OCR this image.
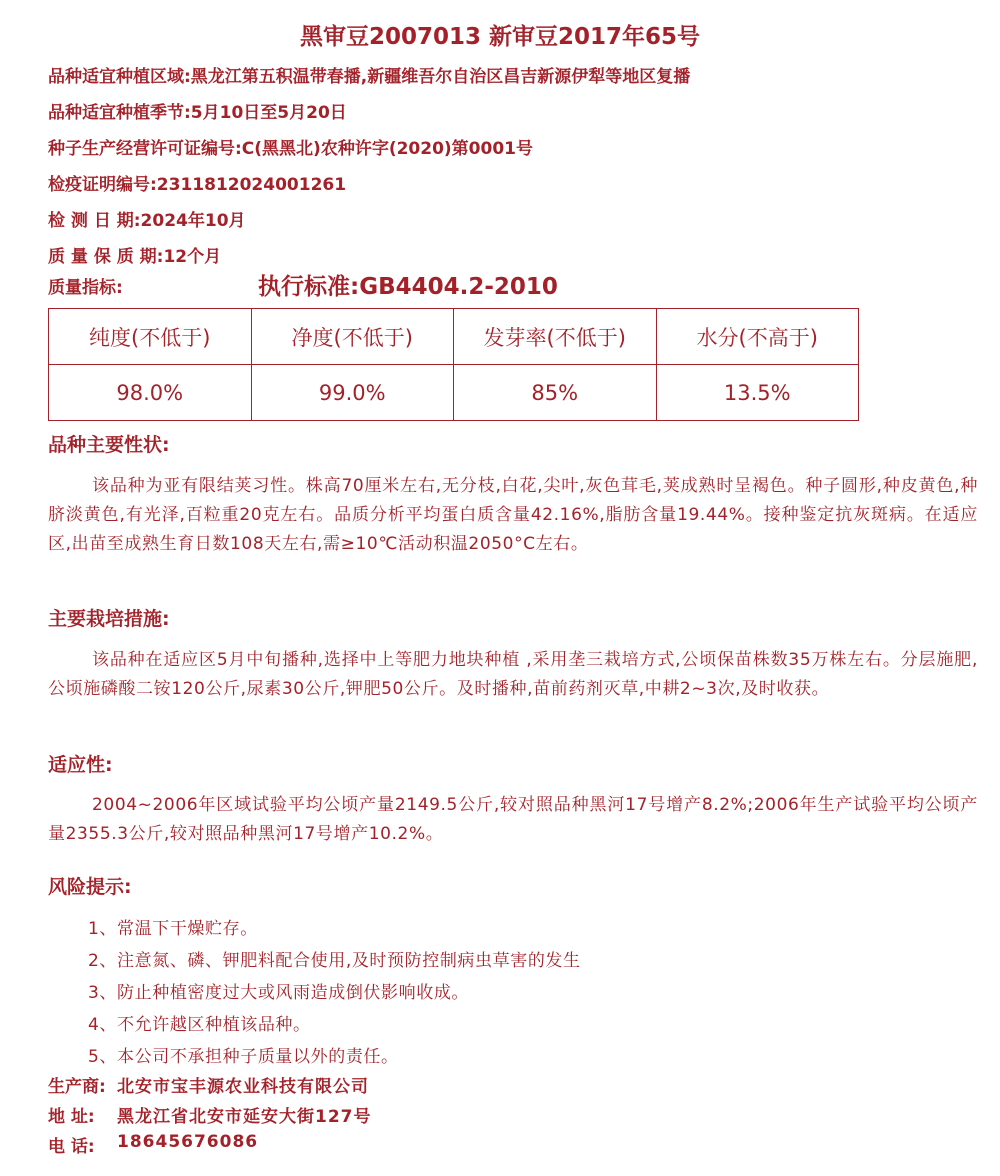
黑审豆2007013 新审豆2017年65号
品种适宜种植区域:黑龙江第五积温带春播,新疆维吾尔自治区昌吉新源伊犁等地区复播
品种适宜种植季节:5月10日至5月20日
种子生产经营许可证编号:C(黑黑北)农种许字(2020)第0001号
检疫证明编号:2311812024001261
检 测 日 期:2024年10月
质 量 保 质 期:12个月
质量指标:	执行标准:GB4404.2-2010
纯度(不低于)	净度(不低于)	发芽率(不低于)	水分(不高于)
98.0%	99.0%	85%	13.5%
品种主要性状:
该品种为亚有限结荚习性。株高70厘米左右,无分枝,白花,尖叶,灰色茸毛,荚成熟时呈褐色。种子圆形,种皮黄色,种脐淡黄色,有光泽,百粒重20克左右。品质分析平均蛋白质含量42.16%,脂肪含量19.44%。接种鉴定抗灰斑病。在适应区,出苗至成熟生育日数108天左右,需≥10℃活动积温2050°C左右。
主要栽培措施:
该品种在适应区5月中旬播种,选择中上等肥力地块种植 ,采用垄三栽培方式,公顷保苗株数35万株左右。分层施肥,公顷施磷酸二铵120公斤,尿素30公斤,钾肥50公斤。及时播种,苗前药剂灭草,中耕2~3次,及时收获。
适应性:
2004~2006年区域试验平均公顷产量2149.5公斤,较对照品种黑河17号增产8.2%;2006年生产试验平均公顷产量2355.3公斤,较对照品种黑河17号增产10.2%。
风险提示:
1、常温下干燥贮存。
2、注意氮、磷、钾肥料配合使用,及时预防控制病虫草害的发生
3、防止种植密度过大或风雨造成倒伏影响收成。
4、不允许越区种植该品种。
5、本公司不承担种子质量以外的责任。
生产商: 北安市宝丰源农业科技有限公司
地 址: 黑龙江省北安市延安大街127号
电 话: 18645676086
